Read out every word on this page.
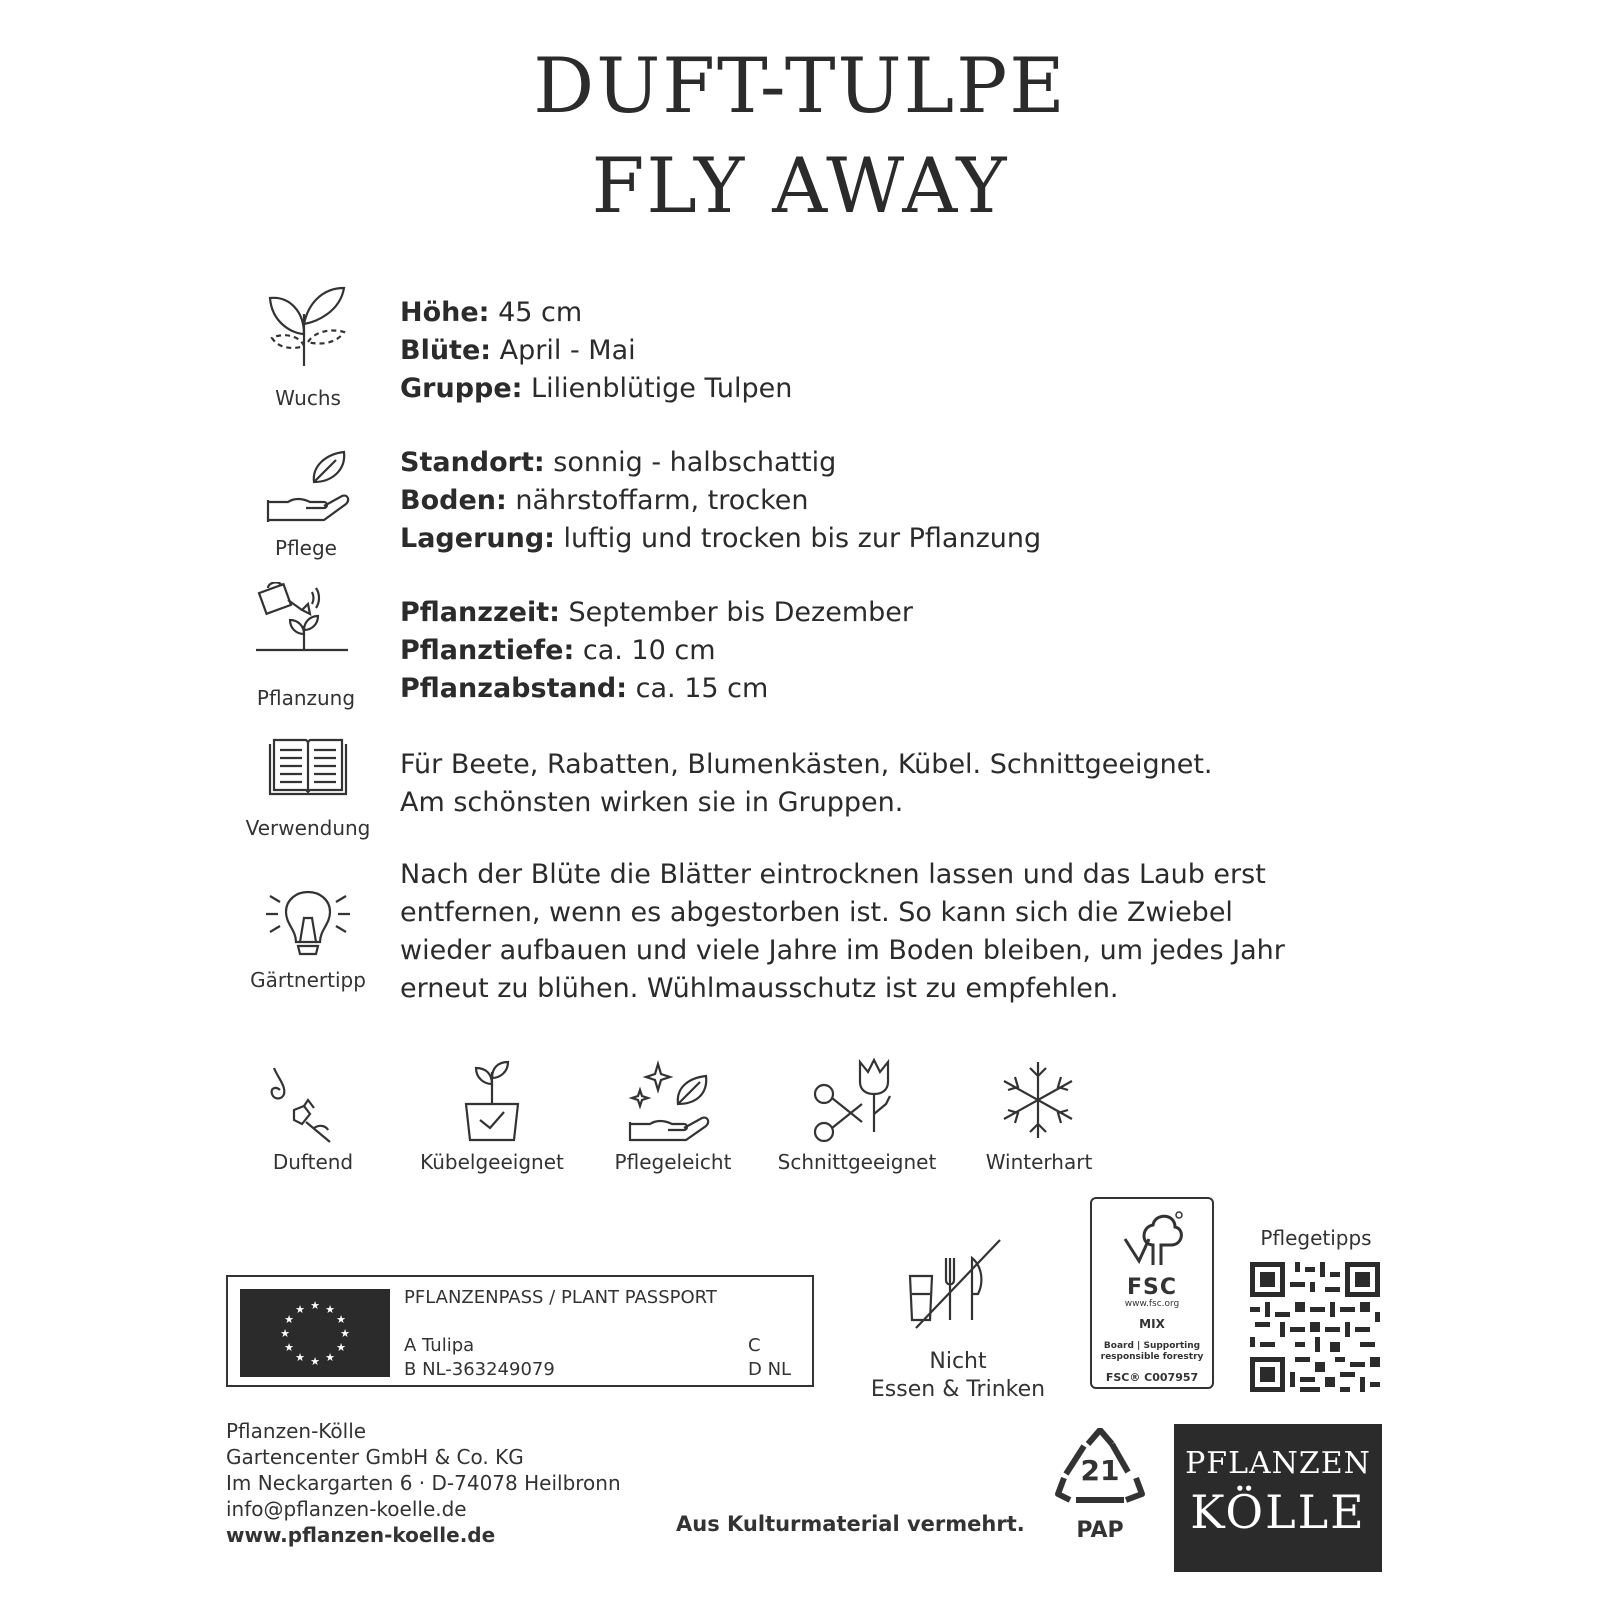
DUFT-TULPE
FLY AWAY
Wuchs
Höhe: 45 cm
Blüte: April - Mai
Gruppe: Lilienblütige Tulpen
Pflege
Standort: sonnig - halbschattig
Boden: nährstoffarm, trocken
Lagerung: luftig und trocken bis zur Pflanzung
Pflanzung
Pflanzzeit: September bis Dezember
Pflanztiefe: ca. 10 cm
Pflanzabstand: ca. 15 cm
Verwendung
Für Beete, Rabatten, Blumenkästen, Kübel. Schnittgeeignet.
Am schönsten wirken sie in Gruppen.
Gärtnertipp
Nach der Blüte die Blätter eintrocknen lassen und das Laub erst
entfernen, wenn es abgestorben ist. So kann sich die Zwiebel
wieder aufbauen und viele Jahre im Boden bleiben, um jedes Jahr
erneut zu blühen. Wühlmausschutz ist zu empfehlen.
Duftend	Kübelgeeignet	Pflegeleicht	Schnittgeeignet	Winterhart
★ ★
★
★
★
★
★
★
★
★
★
★
PFLANZENPASS / PLANT PASSPORT
A Tulipa
B NL-363249079
C
D NL	Nicht
Essen & Trinken
FSC
www.fsc.org
MIX
Board | Supporting
responsible forestry
FSC® C007957
Pflegetipps
Pflanzen-Kölle
Gartencenter GmbH & Co. KG
Im Neckargarten 6 · D-74078 Heilbronn
info@pflanzen-koelle.de
www.pflanzen-koelle.de	Aus Kulturmaterial vermehrt.
21
PAP
PFLANZEN
KÖLLE
